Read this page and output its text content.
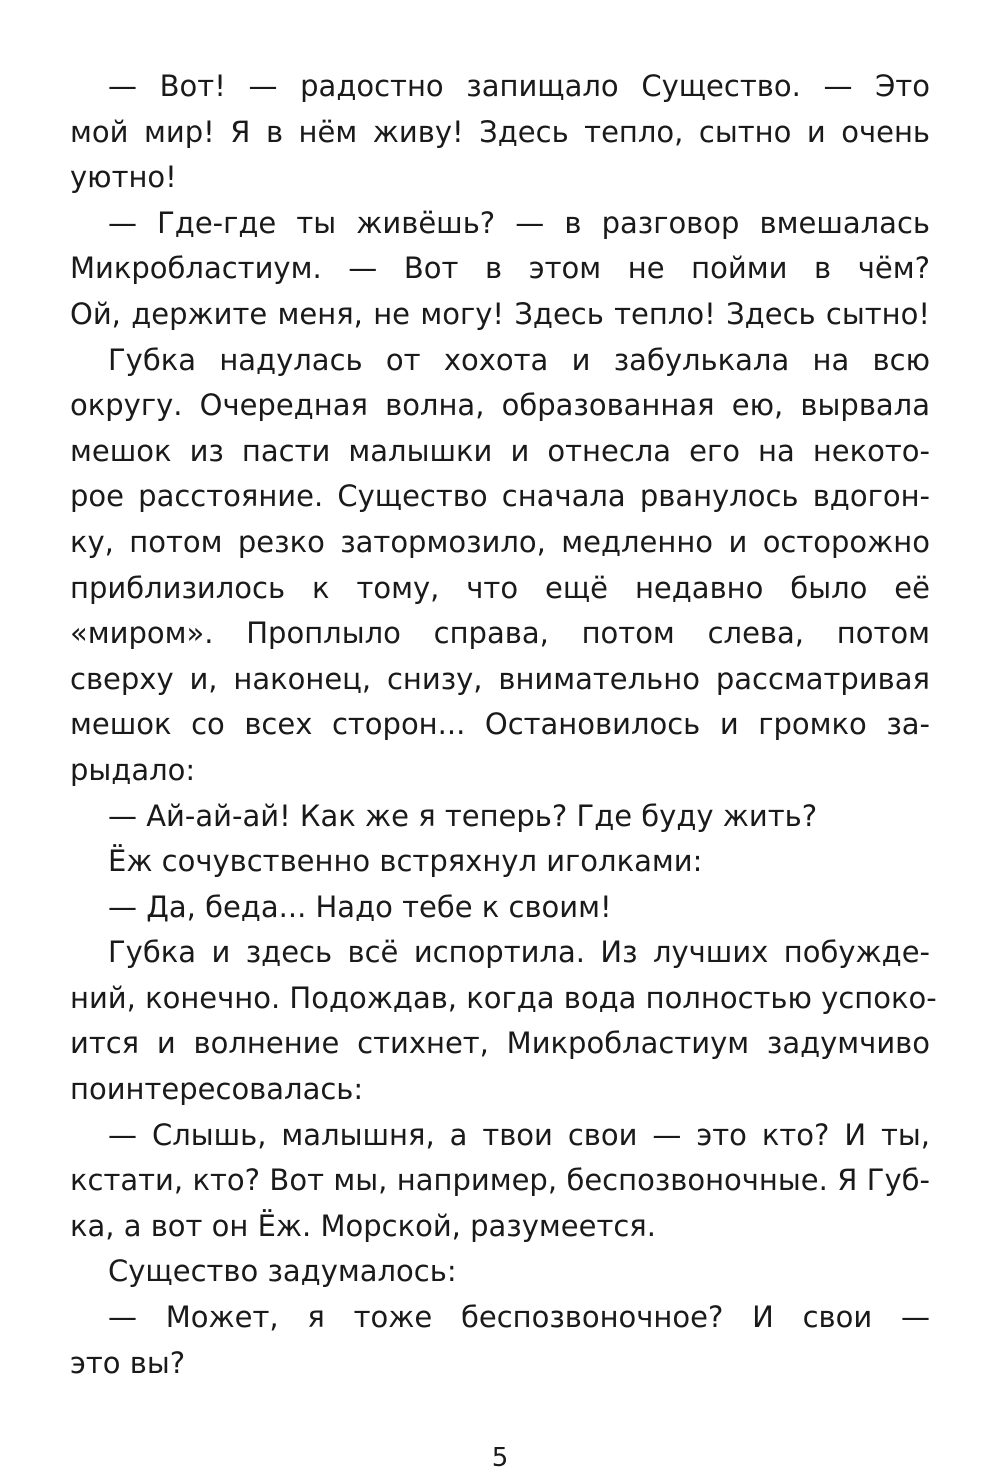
— Вот! — радостно запищало Существо. — Это
мой мир! Я в нём живу! Здесь тепло, сытно и очень
уютно!
— Где-где ты живёшь? — в разговор вмешалась
Микробластиум. — Вот в этом не пойми в чём?
Ой, держите меня, не могу! Здесь тепло! Здесь сытно!
Губка надулась от хохота и забулькала на всю
округу. Очередная волна, образованная ею, вырвала
мешок из пасти малышки и отнесла его на некото-
рое расстояние. Существо сначала рванулось вдогон-
ку, потом резко затормозило, медленно и осторожно
приблизилось к тому, что ещё недавно было её
«миром». Проплыло справа, потом слева, потом
сверху и, наконец, снизу, внимательно рассматривая
мешок со всех сторон... Остановилось и громко за-
рыдало:
— Ай-ай-ай! Как же я теперь? Где буду жить?
Ёж сочувственно встряхнул иголками:
— Да, беда... Надо тебе к своим!
Губка и здесь всё испортила. Из лучших побужде-
ний, конечно. Подождав, когда вода полностью успоко-
ится и волнение стихнет, Микробластиум задумчиво
поинтересовалась:
— Слышь, малышня, а твои свои — это кто? И ты,
кстати, кто? Вот мы, например, беспозвоночные. Я Губ-
ка, а вот он Ёж. Морской, разумеется.
Существо задумалось:
— Может, я тоже беспозвоночное? И свои —
это вы?
5
